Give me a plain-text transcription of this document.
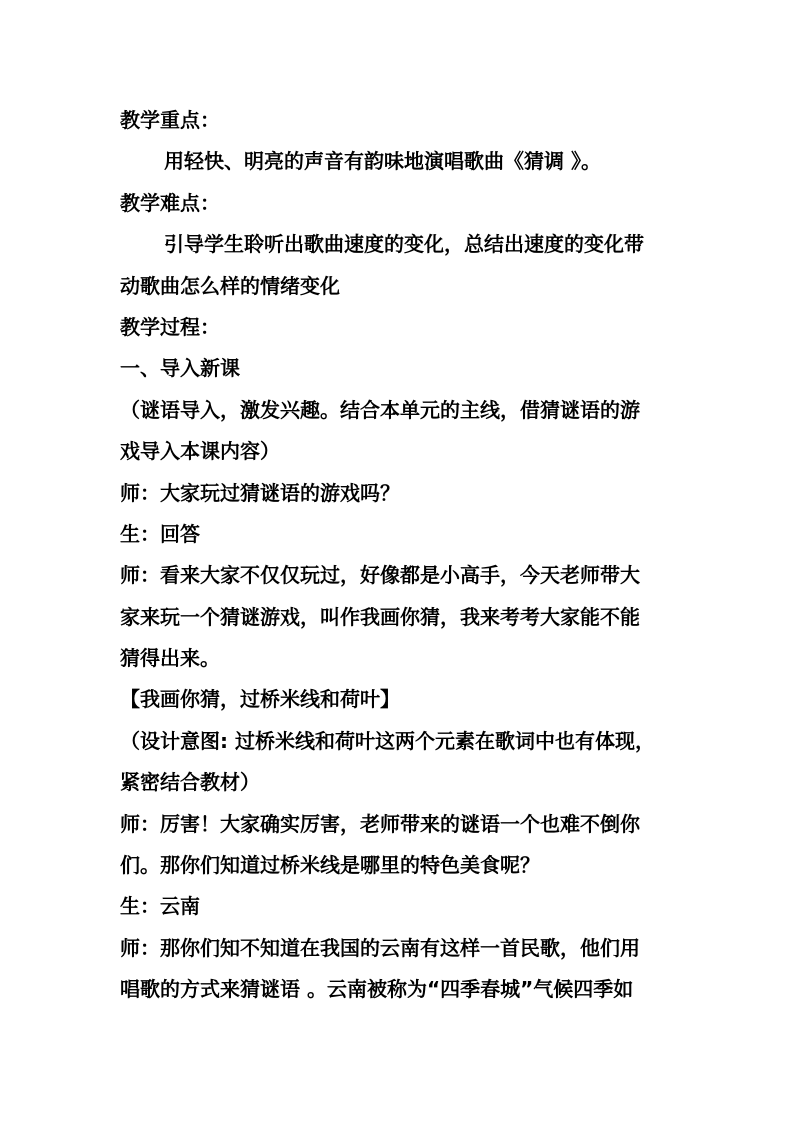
教学重点：
用轻快、明亮的声音有韵味地演唱歌曲《猜调 》。
教学难点：
引导学生聆听出歌曲速度的变化，总结出速度的变化带
动歌曲怎么样的情绪变化
教学过程：
一、导入新课
（谜语导入，激发兴趣。结合本单元的主线，借猜谜语的游
戏导入本课内容）
师：大家玩过猜谜语的游戏吗？
生：回答
师：看来大家不仅仅玩过，好像都是小高手，今天老师带大
家来玩一个猜谜游戏，叫作我画你猜，我来考考大家能不能
猜得出来。
【我画你猜，过桥米线和荷叶】
（设计意图: 过桥米线和荷叶这两个元素在歌词中也有体现，
紧密结合教材）
师：厉害！大家确实厉害，老师带来的谜语一个也难不倒你
们。那你们知道过桥米线是哪里的特色美食呢？
生：云南
师：那你们知不知道在我国的云南有这样一首民歌，他们用
唱歌的方式来猜谜语 。云南被称为“四季春城”气候四季如
